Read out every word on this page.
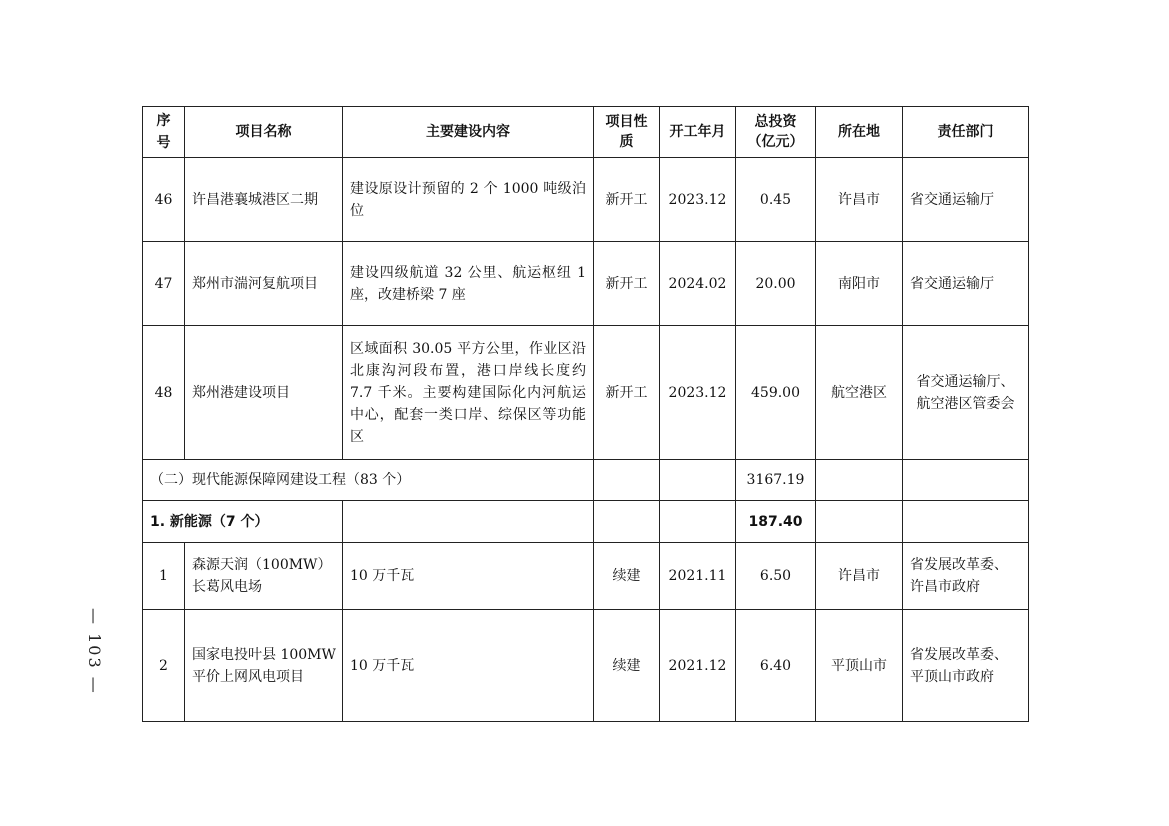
— 103 —
序号	项目名称	主要建设内容	项目性质	开工年月	总投资（亿元）	所在地	责任部门
46	许昌港襄城港区二期	建设原设计预留的 2 个 1000 吨级泊位	新开工	2023.12	0.45	许昌市	省交通运输厅
47	郑州市湍河复航项目	建设四级航道 32 公里、航运枢纽 1 座，改建桥梁 7 座	新开工	2024.02	20.00	南阳市	省交通运输厅
48	郑州港建设项目	区域面积 30.05 平方公里，作业区沿北康沟河段布置，港口岸线长度约 7.7 千米。主要构建国际化内河航运中心，配套一类口岸、综保区等功能区	新开工	2023.12	459.00	航空港区	省交通运输厅、航空港区管委会
（二）现代能源保障网建设工程（83 个）					3167.19		
1. 新能源（7 个）					187.40		
1	森源天润（100MW）长葛风电场	10 万千瓦	续建	2021.11	6.50	许昌市	省发展改革委、许昌市政府
2	国家电投叶县 100MW 平价上网风电项目	10 万千瓦	续建	2021.12	6.40	平顶山市	省发展改革委、平顶山市政府
